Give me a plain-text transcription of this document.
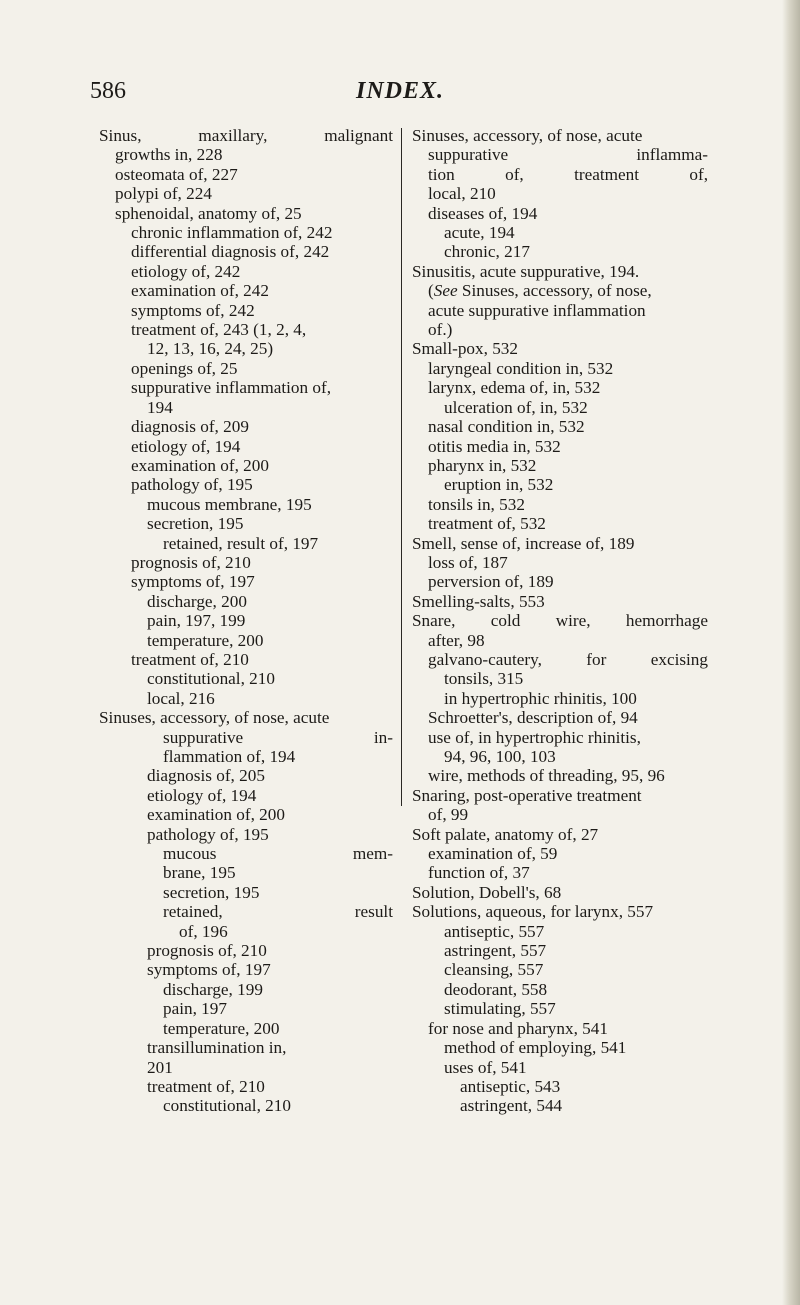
586	INDEX.
Sinus, maxillary, malignant
growths in, 228
osteomata of, 227
polypi of, 224
sphenoidal, anatomy of, 25
chronic inflammation of, 242
differential diagnosis of, 242
etiology of, 242
examination of, 242
symptoms of, 242
treatment of, 243 (1, 2, 4,
12, 13, 16, 24, 25)
openings of, 25
suppurative inflammation of,
194
diagnosis of, 209
etiology of, 194
examination of, 200
pathology of, 195
mucous membrane, 195
secretion, 195
retained, result of, 197
prognosis of, 210
symptoms of, 197
discharge, 200
pain, 197, 199
temperature, 200
treatment of, 210
constitutional, 210
local, 216
Sinuses, accessory, of nose, acute
suppurative in-
flammation of, 194
diagnosis of, 205
etiology of, 194
examination of, 200
pathology of, 195
mucous mem-
brane, 195
secretion, 195
retained, result
of, 196
prognosis of, 210
symptoms of, 197
discharge, 199
pain, 197
temperature, 200
transillumination in,
201
treatment of, 210
constitutional, 210
Sinuses, accessory, of nose, acute
suppurative inflamma-
tion of, treatment of,
local, 210
diseases of, 194
acute, 194
chronic, 217
Sinusitis, acute suppurative, 194.
(See Sinuses, accessory, of nose,
acute suppurative inflammation
of.)
Small-pox, 532
laryngeal condition in, 532
larynx, edema of, in, 532
ulceration of, in, 532
nasal condition in, 532
otitis media in, 532
pharynx in, 532
eruption in, 532
tonsils in, 532
treatment of, 532
Smell, sense of, increase of, 189
loss of, 187
perversion of, 189
Smelling-salts, 553
Snare, cold wire, hemorrhage
after, 98
galvano-cautery, for excising
tonsils, 315
in hypertrophic rhinitis, 100
Schroetter's, description of, 94
use of, in hypertrophic rhinitis,
94, 96, 100, 103
wire, methods of threading, 95, 96
Snaring, post-operative treatment
of, 99
Soft palate, anatomy of, 27
examination of, 59
function of, 37
Solution, Dobell's, 68
Solutions, aqueous, for larynx, 557
antiseptic, 557
astringent, 557
cleansing, 557
deodorant, 558
stimulating, 557
for nose and pharynx, 541
method of employing, 541
uses of, 541
antiseptic, 543
astringent, 544
